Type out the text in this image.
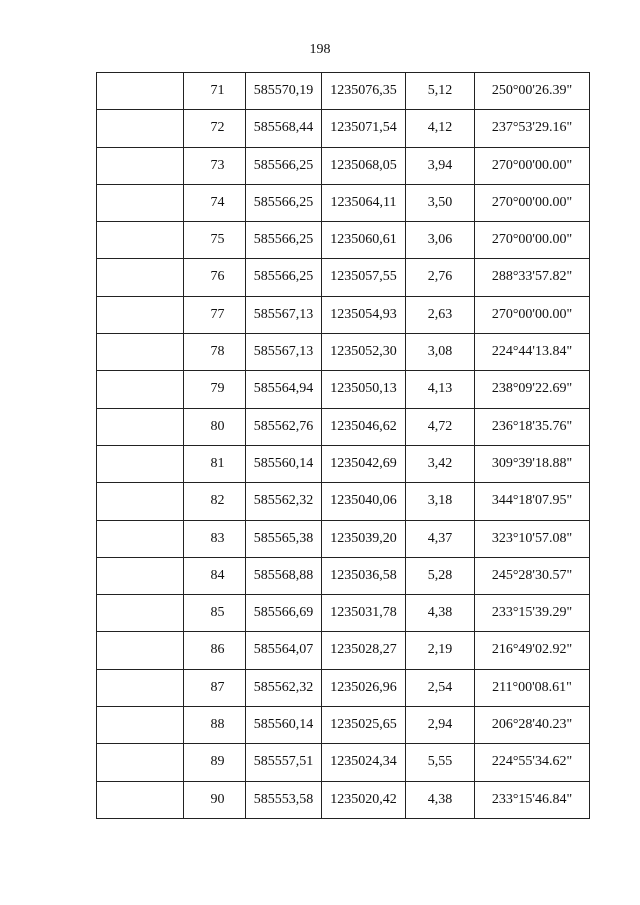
198
	71	585570,19	1235076,35	5,12	250°00'26.39"
	72	585568,44	1235071,54	4,12	237°53'29.16"
	73	585566,25	1235068,05	3,94	270°00'00.00"
	74	585566,25	1235064,11	3,50	270°00'00.00"
	75	585566,25	1235060,61	3,06	270°00'00.00"
	76	585566,25	1235057,55	2,76	288°33'57.82"
	77	585567,13	1235054,93	2,63	270°00'00.00"
	78	585567,13	1235052,30	3,08	224°44'13.84"
	79	585564,94	1235050,13	4,13	238°09'22.69"
	80	585562,76	1235046,62	4,72	236°18'35.76"
	81	585560,14	1235042,69	3,42	309°39'18.88"
	82	585562,32	1235040,06	3,18	344°18'07.95"
	83	585565,38	1235039,20	4,37	323°10'57.08"
	84	585568,88	1235036,58	5,28	245°28'30.57"
	85	585566,69	1235031,78	4,38	233°15'39.29"
	86	585564,07	1235028,27	2,19	216°49'02.92"
	87	585562,32	1235026,96	2,54	211°00'08.61"
	88	585560,14	1235025,65	2,94	206°28'40.23"
	89	585557,51	1235024,34	5,55	224°55'34.62"
	90	585553,58	1235020,42	4,38	233°15'46.84"
